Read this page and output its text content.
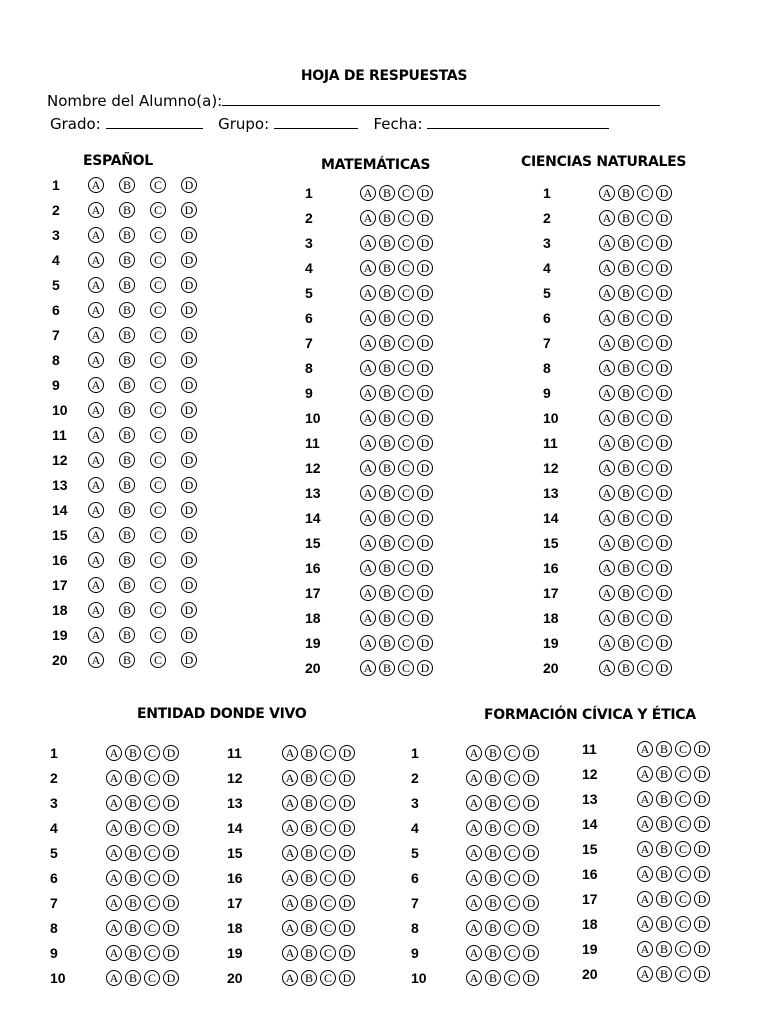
HOJA DE RESPUESTAS
Nombre del Alumno(a):
Grado:	Grupo:	Fecha:
ESPAÑOL	MATEMÁTICAS	CIENCIAS NATURALES
ENTIDAD DONDE VIVO	FORMACIÓN CÍVICA Y ÉTICA
1	A	B	C	D
2	A	B	C	D
3	A	B	C	D
4	A	B	C	D
5	A	B	C	D
6	A	B	C	D
7	A	B	C	D
8	A	B	C	D
9	A	B	C	D
10	A	B	C	D
11	A	B	C	D
12	A	B	C	D
13	A	B	C	D
14	A	B	C	D
15	A	B	C	D
16	A	B	C	D
17	A	B	C	D
18	A	B	C	D
19	A	B	C	D
20	A	B	C	D
1	A B C D
2	A B C D
3	A B C D
4	A B C D
5	A B C D
6	A B C D
7	A B C D
8	A B C D
9	A B C D
10	A B C D
11	A B C D
12	A B C D
13	A B C D
14	A B C D
15	A B C D
16	A B C D
17	A B C D
18	A B C D
19	A B C D
20	A B C D
1	A B C D
2	A B C D
3	A B C D
4	A B C D
5	A B C D
6	A B C D
7	A B C D
8	A B C D
9	A B C D
10	A B C D
11	A B C D
12	A B C D
13	A B C D
14	A B C D
15	A B C D
16	A B C D
17	A B C D
18	A B C D
19	A B C D
20	A B C D
1	A B C D
2	A B C D
3	A B C D
4	A B C D
5	A B C D
6	A B C D
7	A B C D
8	A B C D
9	A B C D
10	A B C D
11	A B C D
12	A B C D
13	A B C D
14	A B C D
15	A B C D
16	A B C D
17	A B C D
18	A B C D
19	A B C D
20	A B C D
1	A B C D
2	A B C D
3	A B C D
4	A B C D
5	A B C D
6	A B C D
7	A B C D
8	A B C D
9	A B C D
10	A B C D
11	A B C D
12	A B C D
13	A B C D
14	A B C D
15	A B C D
16	A B C D
17	A B C D
18	A B C D
19	A B C D
20	A B C D
